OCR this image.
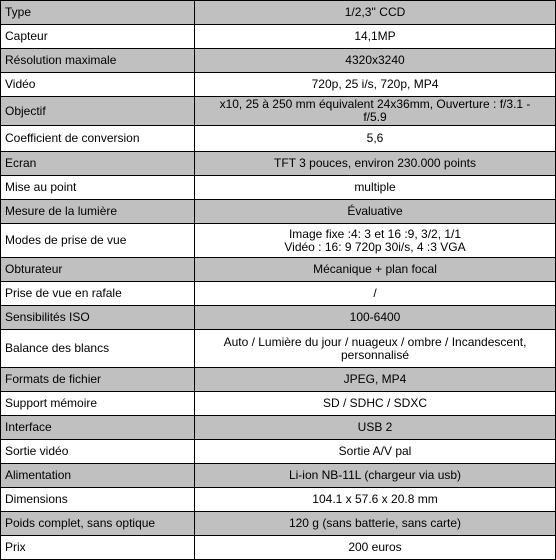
Type	1/2,3'' CCD
Capteur	14,1MP
Résolution maximale	4320x3240
Vidéo	720p, 25 i/s, 720p, MP4
Objectif	x10, 25 à 250 mm équivalent 24x36mm, Ouverture : f/3.1 -
f/5.9

Coefficient de conversion	5,6
Ecran	TFT 3 pouces, environ 230.000 points
Mise au point	multiple
Mesure de la lumière	Évaluative
Modes de prise de vue	Image fixe :4: 3 et 16 :9, 3/2, 1/1
Vidéo : 16: 9 720p 30i/s, 4 :3 VGA

Obturateur	Mécanique + plan focal
Prise de vue en rafale	/
Sensibilités ISO	100-6400
Balance des blancs	Auto / Lumière du jour / nuageux / ombre / Incandescent,
personnalisé

Formats de fichier	JPEG, MP4
Support mémoire	SD / SDHC / SDXC
Interface	USB 2
Sortie vidéo	Sortie A/V pal
Alimentation	Li-ion NB-11L (chargeur via usb)
Dimensions	104.1 x 57.6 x 20.8 mm
Poids complet, sans optique	120 g (sans batterie, sans carte)
Prix	200 euros
